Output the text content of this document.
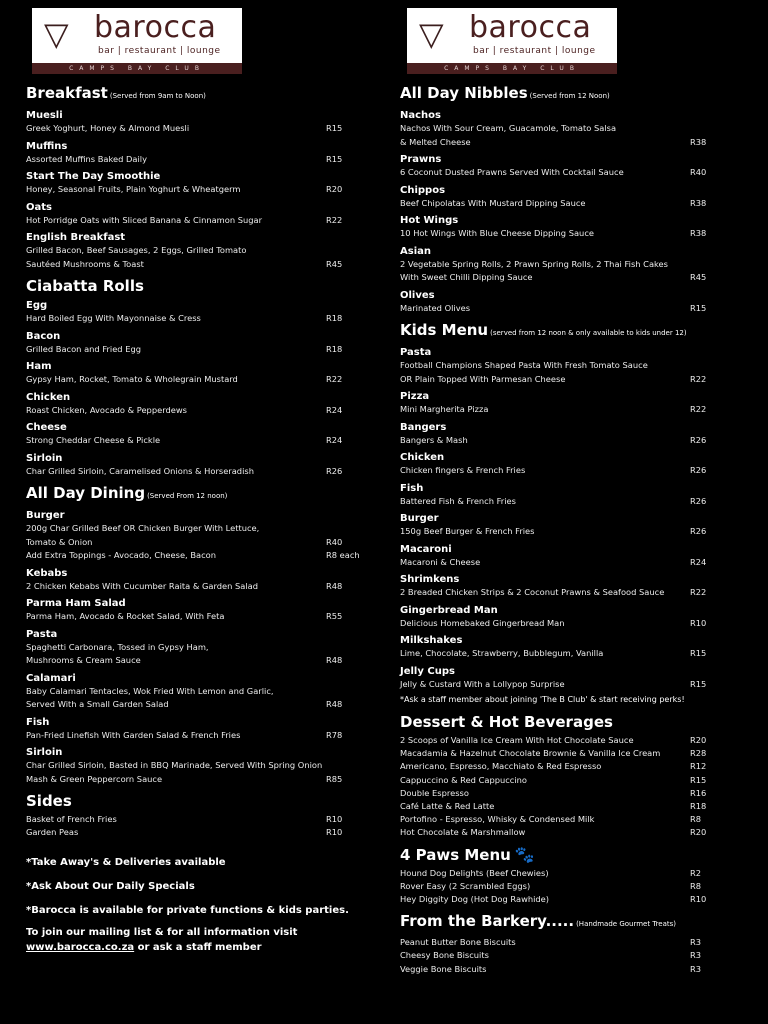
▽ barocca
bar | restaurant | lounge
CAMPS BAY CLUB
▽ barocca
bar | restaurant | lounge
CAMPS BAY CLUB
Breakfast (Served from 9am to Noon)
Muesli
Greek Yoghurt, Honey & Almond Muesli	R15
Muffins
Assorted Muffins Baked Daily	R15
Start The Day Smoothie
Honey, Seasonal Fruits, Plain Yoghurt & Wheatgerm	R20
Oats
Hot Porridge Oats with Sliced Banana & Cinnamon Sugar	R22
English Breakfast
Grilled Bacon, Beef Sausages, 2 Eggs, Grilled Tomato
Sautéed Mushrooms & Toast	R45
Ciabatta Rolls
Egg
Hard Boiled Egg With Mayonnaise & Cress	R18
Bacon
Grilled Bacon and Fried Egg	R18
Ham
Gypsy Ham, Rocket, Tomato & Wholegrain Mustard	R22
Chicken
Roast Chicken, Avocado & Pepperdews	R24
Cheese
Strong Cheddar Cheese & Pickle	R24
Sirloin
Char Grilled Sirloin, Caramelised Onions & Horseradish	R26
All Day Dining (Served From 12 noon)
Burger
200g Char Grilled Beef OR Chicken Burger With Lettuce,
Tomato & Onion	R40
Add Extra Toppings - Avocado, Cheese, Bacon	R8 each
Kebabs
2 Chicken Kebabs With Cucumber Raita & Garden Salad	R48
Parma Ham Salad
Parma Ham, Avocado & Rocket Salad, With Feta	R55
Pasta
Spaghetti Carbonara, Tossed in Gypsy Ham,
Mushrooms & Cream Sauce	R48
Calamari
Baby Calamari Tentacles, Wok Fried With Lemon and Garlic,
Served With a Small Garden Salad	R48
Fish
Pan-Fried Linefish With Garden Salad & French Fries	R78
Sirloin
Char Grilled Sirloin, Basted in BBQ Marinade, Served With Spring Onion
Mash & Green Peppercorn Sauce	R85
Sides
Basket of French Fries	R10
Garden Peas	R10
*Take Away's & Deliveries available
*Ask About Our Daily Specials
*Barocca is available for private functions & kids parties.
To join our mailing list & for all information visit
www.barocca.co.za or ask a staff member
All Day Nibbles (Served from 12 Noon)
Nachos
Nachos With Sour Cream, Guacamole, Tomato Salsa
& Melted Cheese	R38
Prawns
6 Coconut Dusted Prawns Served With Cocktail Sauce	R40
Chippos
Beef Chipolatas With Mustard Dipping Sauce	R38
Hot Wings
10 Hot Wings With Blue Cheese Dipping Sauce	R38
Asian
2 Vegetable Spring Rolls, 2 Prawn Spring Rolls, 2 Thai Fish Cakes
With Sweet Chilli Dipping Sauce	R45
Olives
Marinated Olives	R15
Kids Menu (served from 12 noon & only available to kids under 12)
Pasta
Football Champions Shaped Pasta With Fresh Tomato Sauce
OR Plain Topped With Parmesan Cheese	R22
Pizza
Mini Margherita Pizza	R22
Bangers
Bangers & Mash	R26
Chicken
Chicken fingers & French Fries	R26
Fish
Battered Fish & French Fries	R26
Burger
150g Beef Burger & French Fries	R26
Macaroni
Macaroni & Cheese	R24
Shrimkens
2 Breaded Chicken Strips & 2 Coconut Prawns & Seafood Sauce	R22
Gingerbread Man
Delicious Homebaked Gingerbread Man	R10
Milkshakes
Lime, Chocolate, Strawberry, Bubblegum, Vanilla	R15
Jelly Cups
Jelly & Custard With a Lollypop Surprise	R15
*Ask a staff member about joining 'The B Club' & start receiving perks!
Dessert & Hot Beverages
2 Scoops of Vanilla Ice Cream With Hot Chocolate Sauce	R20
Macadamia & Hazelnut Chocolate Brownie & Vanilla Ice Cream	R28
Americano, Espresso, Macchiato & Red Espresso	R12
Cappuccino & Red Cappuccino	R15
Double Espresso	R16
Café Latte & Red Latte	R18
Portofino - Espresso, Whisky & Condensed Milk	R8
Hot Chocolate & Marshmallow	R20
4 Paws Menu 🐾
Hound Dog Delights (Beef Chewies)	R2
Rover Easy (2 Scrambled Eggs)	R8
Hey Diggity Dog (Hot Dog Rawhide)	R10
From the Barkery..... (Handmade Gourmet Treats)
Peanut Butter Bone Biscuits	R3
Cheesy Bone Biscuits	R3
Veggie Bone Biscuits	R3
